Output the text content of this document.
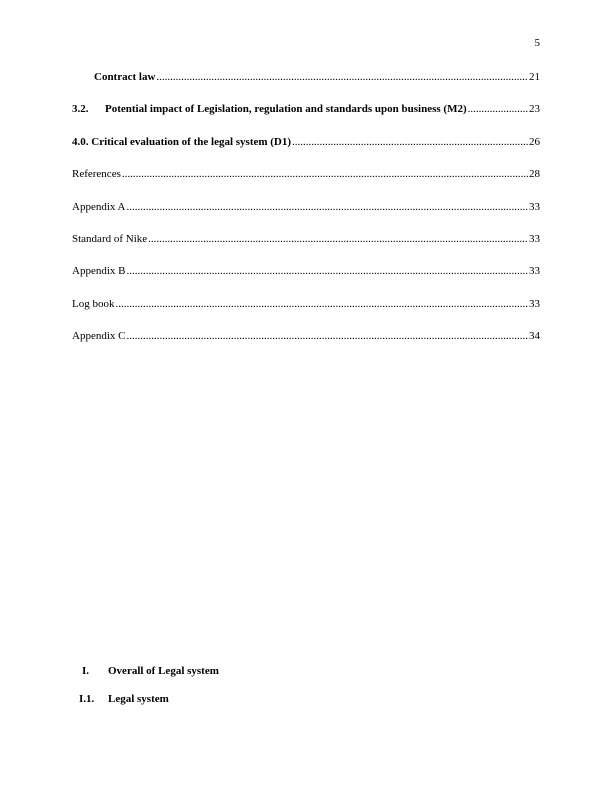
5
Contract law .....	21
3.2.	Potential impact of Legislation, regulation and standards upon business (M2) .....	23
4.0. Critical evaluation of the legal system (D1) .....	26
References .....	28
Appendix A .....	33
Standard of Nike .....	33
Appendix B .....	33
Log book .....	33
Appendix C .....	34
I. Overall of Legal system
I.1. Legal system
